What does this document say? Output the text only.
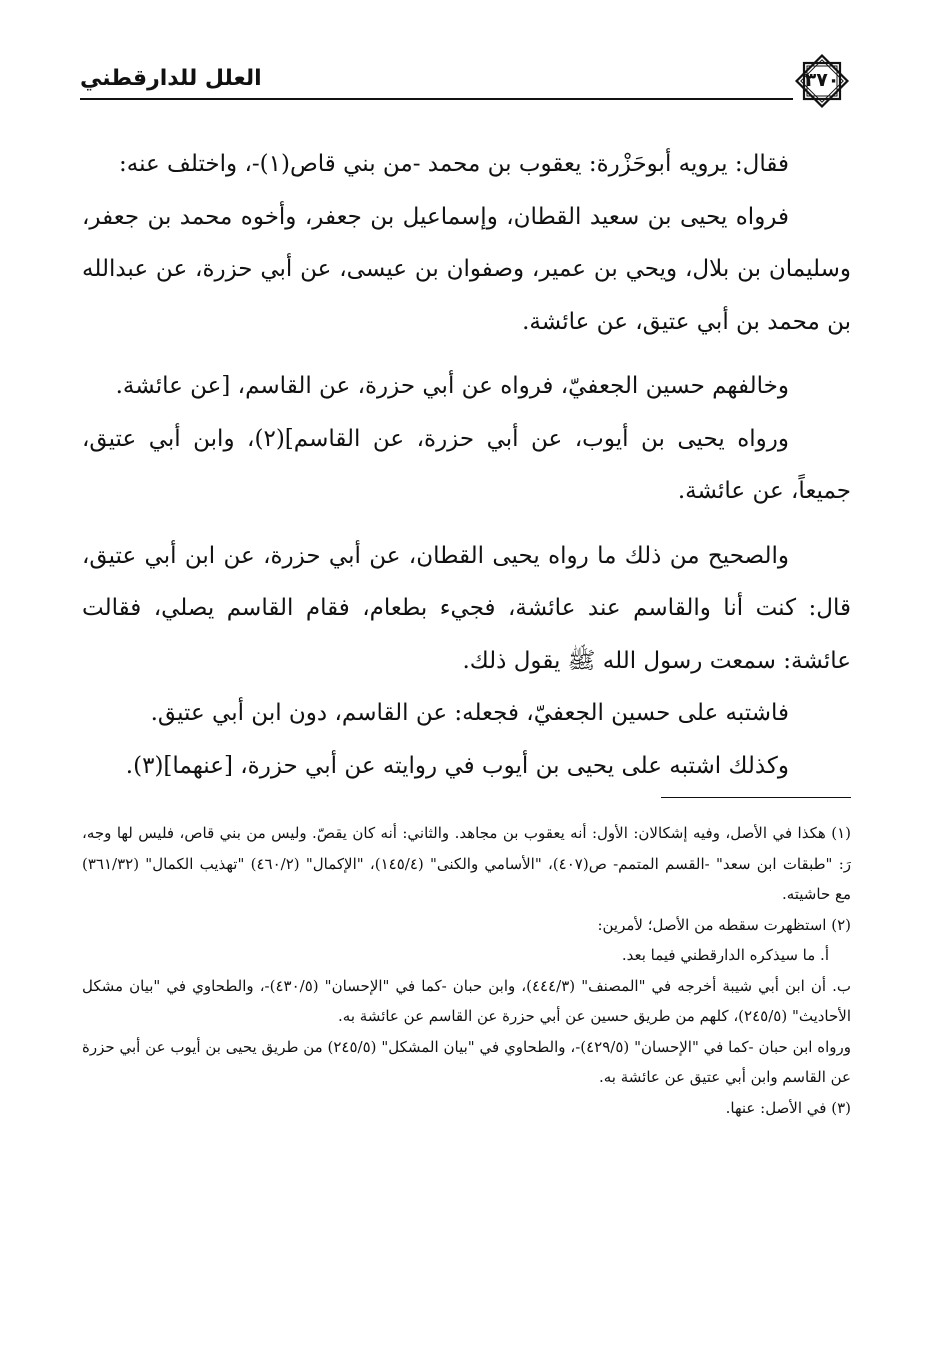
٣٧٠
العلل للدارقطني

فقال: يرويه أبوحَزْرة: يعقوب بن محمد -من بني قاص(١)-، واختلف عنه:

فرواه يحيى بن سعيد القطان، وإسماعيل بن جعفر، وأخوه محمد بن جعفر، وسليمان بن بلال، ويحي بن عمير، وصفوان بن عيسى، عن أبي حزرة، عن عبدالله بن محمد بن أبي عتيق، عن عائشة.

وخالفهم حسين الجعفيّ، فرواه عن أبي حزرة، عن القاسم، [عن عائشة.

ورواه يحيى بن أيوب، عن أبي حزرة، عن القاسم](٢)، وابن أبي عتيق، جميعاً، عن عائشة.

والصحيح من ذلك ما رواه يحيى القطان، عن أبي حزرة، عن ابن أبي عتيق، قال: كنت أنا والقاسم عند عائشة، فجيء بطعام، فقام القاسم يصلي، فقالت عائشة: سمعت رسول الله ﷺ يقول ذلك.

فاشتبه على حسين الجعفيّ، فجعله: عن القاسم، دون ابن أبي عتيق.

وكذلك اشتبه على يحيى بن أيوب في روايته عن أبي حزرة، [عنهما](٣).

(١) هكذا في الأصل، وفيه إشكالان: الأول: أنه يعقوب بن مجاهد. والثاني: أنه كان يقصّ. وليس من بني قاص، فليس لها وجه، رَ: "طبقات ابن سعد" -القسم المتمم- ص(٤٠٧)، "الأسامي والكنى" (١٤٥/٤)، "الإكمال" (٤٦٠/٢) "تهذيب الكمال" (٣٦١/٣٢) مع حاشيته.

(٢) استظهرت سقطه من الأصل؛ لأمرين:

أ. ما سيذكره الدارقطني فيما بعد.

ب. أن ابن أبي شيبة أخرجه في "المصنف" (٤٤٤/٣)، وابن حبان -كما في "الإحسان" (٤٣٠/٥)-، والطحاوي في "بيان مشكل الأحاديث" (٢٤٥/٥)، كلهم من طريق حسين عن أبي حزرة عن القاسم عن عائشة به.

ورواه ابن حبان -كما في "الإحسان" (٤٢٩/٥)-، والطحاوي في "بيان المشكل" (٢٤٥/٥) من طريق يحيى بن أيوب عن أبي حزرة عن القاسم وابن أبي عتيق عن عائشة به.

(٣) في الأصل: عنها.
